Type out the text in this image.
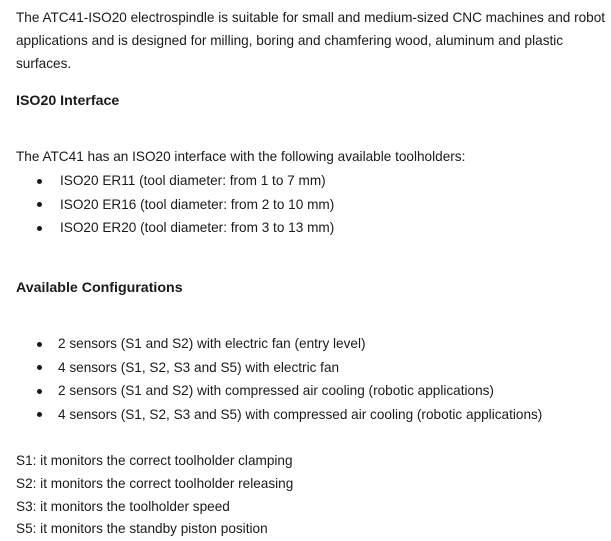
The ATC41-ISO20 electrospindle is suitable for small and medium-sized CNC machines and robot applications and is designed for milling, boring and chamfering wood, aluminum and plastic surfaces.
ISO20 Interface
The ATC41 has an ISO20 interface with the following available toolholders:
ISO20 ER11 (tool diameter: from 1 to 7 mm)
ISO20 ER16 (tool diameter: from 2 to 10 mm)
ISO20 ER20 (tool diameter: from 3 to 13 mm)
Available Configurations
2 sensors (S1 and S2) with electric fan (entry level)
4 sensors (S1, S2, S3 and S5) with electric fan
2 sensors (S1 and S2) with compressed air cooling (robotic applications)
4 sensors (S1, S2, S3 and S5) with compressed air cooling (robotic applications)
S1: it monitors the correct toolholder clamping
S2: it monitors the correct toolholder releasing
S3: it monitors the toolholder speed
S5: it monitors the standby piston position
